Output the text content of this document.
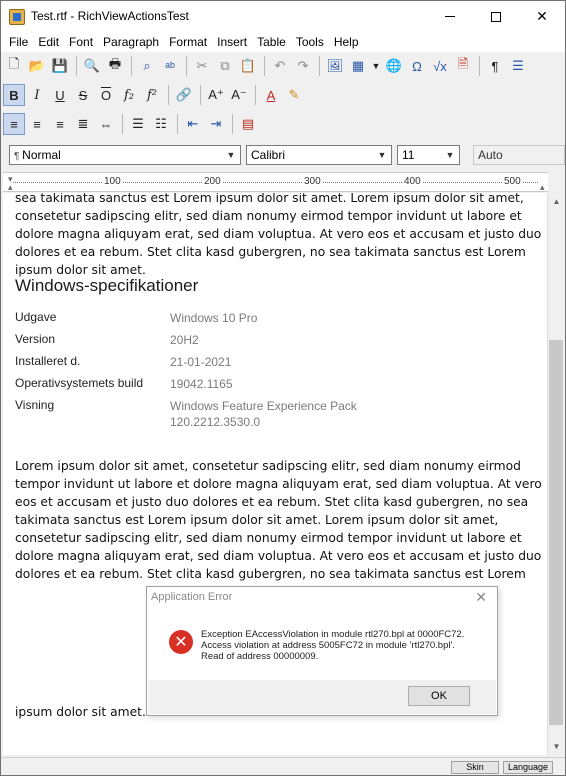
Test.rtf - RichViewActionsTest	✕
File Edit Font Paragraph Format Insert Table Tools Help
🗋 📂 💾 🔍 🖶 ⌕ ᵃᵇ ✂ ⧉ 📋 ↶ ↷ 🖼 ▦ ▼ 🌐 Ω √x 🗎 ¶ ☰
B I U S $\overline{O}$ f₂ f² 🔗 A⁺ A⁻ A ✎
≡ ≡ ≡ ≣ ⇔ ☰ ☷ ⇤ ⇥ ▤
¶ Normal	▼	Calibri	▼	11	▼	Auto
100	200	300	400	500
▾
▴	▴
sea takimata sanctus est Lorem ipsum dolor sit amet. Lorem ipsum dolor sit amet, consetetur sadipscing elitr, sed diam nonumy eirmod tempor invidunt ut labore et dolore magna aliquyam erat, sed diam voluptua. At vero eos et accusam et justo duo dolores et ea rebum. Stet clita kasd gubergren, no sea takimata sanctus est Lorem ipsum dolor sit amet.
Windows-specifikationer
Udgave	Windows 10 Pro
Version	20H2
Installeret d.	21-01-2021
Operativsystemets build	19042.1165
Visning	Windows Feature Experience Pack 120.2212.3530.0
Lorem ipsum dolor sit amet, consetetur sadipscing elitr, sed diam nonumy eirmod tempor invidunt ut labore et dolore magna aliquyam erat, sed diam voluptua. At vero eos et accusam et justo duo dolores et ea rebum. Stet clita kasd gubergren, no sea takimata sanctus est Lorem ipsum dolor sit amet. Lorem ipsum dolor sit amet, consetetur sadipscing elitr, sed diam nonumy eirmod tempor invidunt ut labore et dolore magna aliquyam erat, sed diam voluptua. At vero eos et accusam et justo duo dolores et ea rebum. Stet clita kasd gubergren, no sea takimata sanctus est Lorem
ipsum dolor sit amet.
▲
▼
Application Error	✕
✕	Exception EAccessViolation in module rtl270.bpl at 0000FC72.
Access violation at address 5005FC72 in module 'rtl270.bpl'.
Read of address 00000009.
OK
Skin	Language
